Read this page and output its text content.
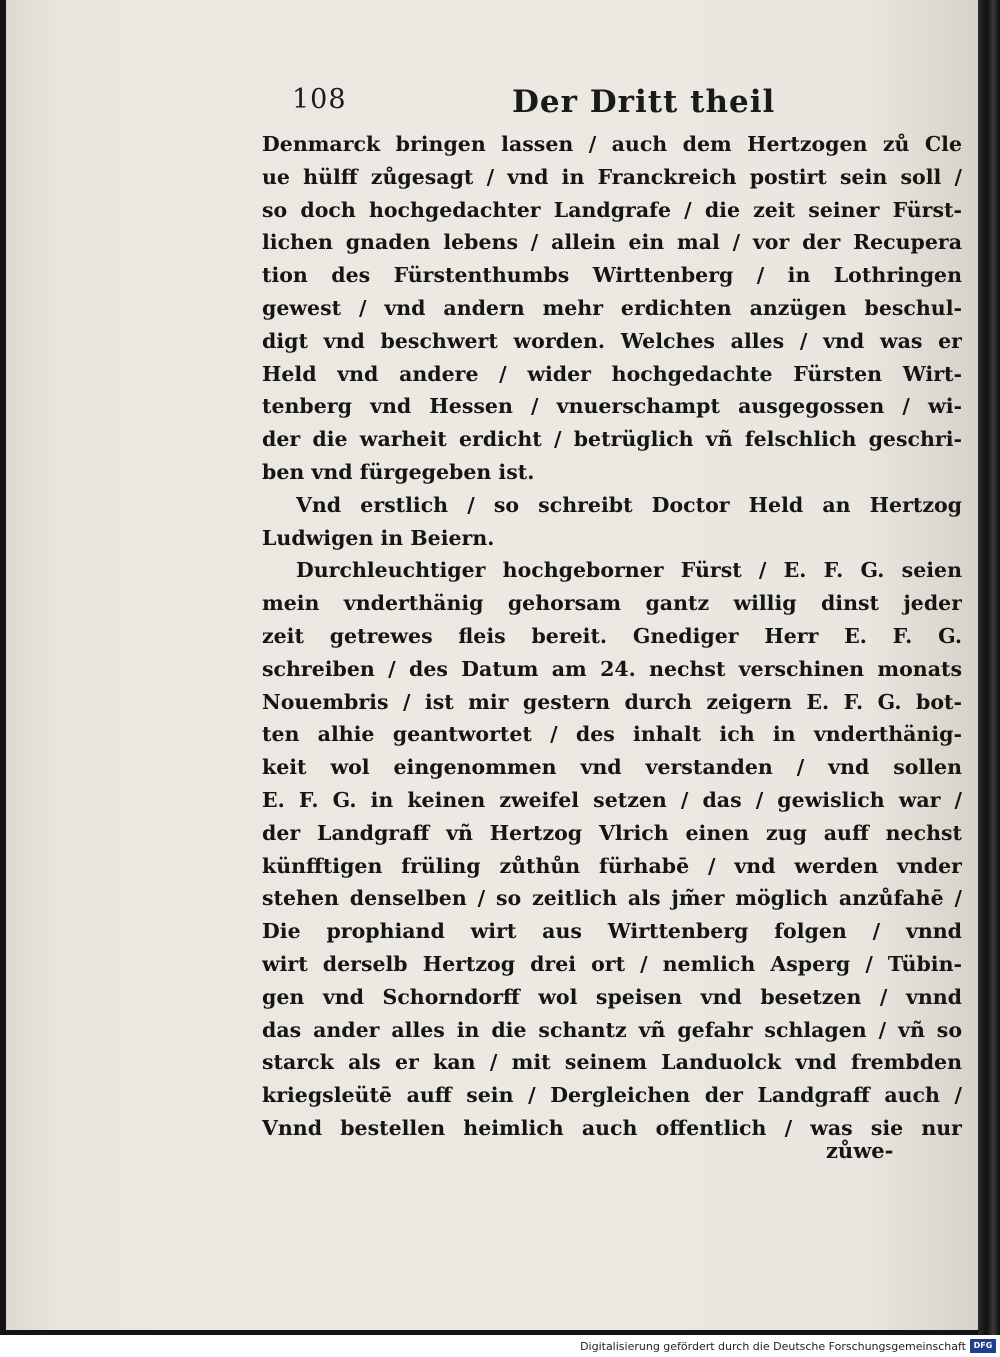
108	Der Dritt theil
Denmarck bringen lassen / auch dem Hertzogen zů Cle
ue hülff zůgesagt / vnd in Franckreich postirt sein soll /
so doch hochgedachter Landgrafe / die zeit seiner Fürst-
lichen gnaden lebens / allein ein mal / vor der Recupera
tion des Fürstenthumbs Wirttenberg / in Lothringen
gewest / vnd andern mehr erdichten anzügen beschul-
digt vnd beschwert worden. Welches alles / vnd was er
Held vnd andere / wider hochgedachte Fürsten Wirt-
tenberg vnd Hessen / vnuerschampt ausgegossen / wi-
der die warheit erdicht / betrüglich vñ felschlich geschri-
ben vnd fürgegeben ist.
Vnd erstlich / so schreibt Doctor Held an Hertzog
Ludwigen in Beiern.
Durchleuchtiger hochgeborner Fürst / E. F. G. seien
mein vnderthänig gehorsam gantz willig dinst jeder
zeit getrewes fleis bereit. Gnediger Herr E. F. G.
schreiben / des Datum am 24. nechst verschinen monats
Nouembris / ist mir gestern durch zeigern E. F. G. bot-
ten alhie geantwortet / des inhalt ich in vnderthänig-
keit wol eingenommen vnd verstanden / vnd sollen
E. F. G. in keinen zweifel setzen / das / gewislich war /
der Landgraff vñ Hertzog Vlrich einen zug auff nechst
künfftigen früling zůthůn fürhabē / vnd werden vnder
stehen denselben / so zeitlich als jm̃er möglich anzůfahē /
Die prophiand wirt aus Wirttenberg folgen / vnnd
wirt derselb Hertzog drei ort / nemlich Asperg / Tübin-
gen vnd Schorndorff wol speisen vnd besetzen / vnnd
das ander alles in die schantz vñ gefahr schlagen / vñ so
starck als er kan / mit seinem Landuolck vnd frembden
kriegsleütē auff sein / Dergleichen der Landgraff auch /
Vnnd bestellen heimlich auch offentlich / was sie nur
zůwe-
Digitalisierung gefördert durch die Deutsche Forschungsgemeinschaft DFG
